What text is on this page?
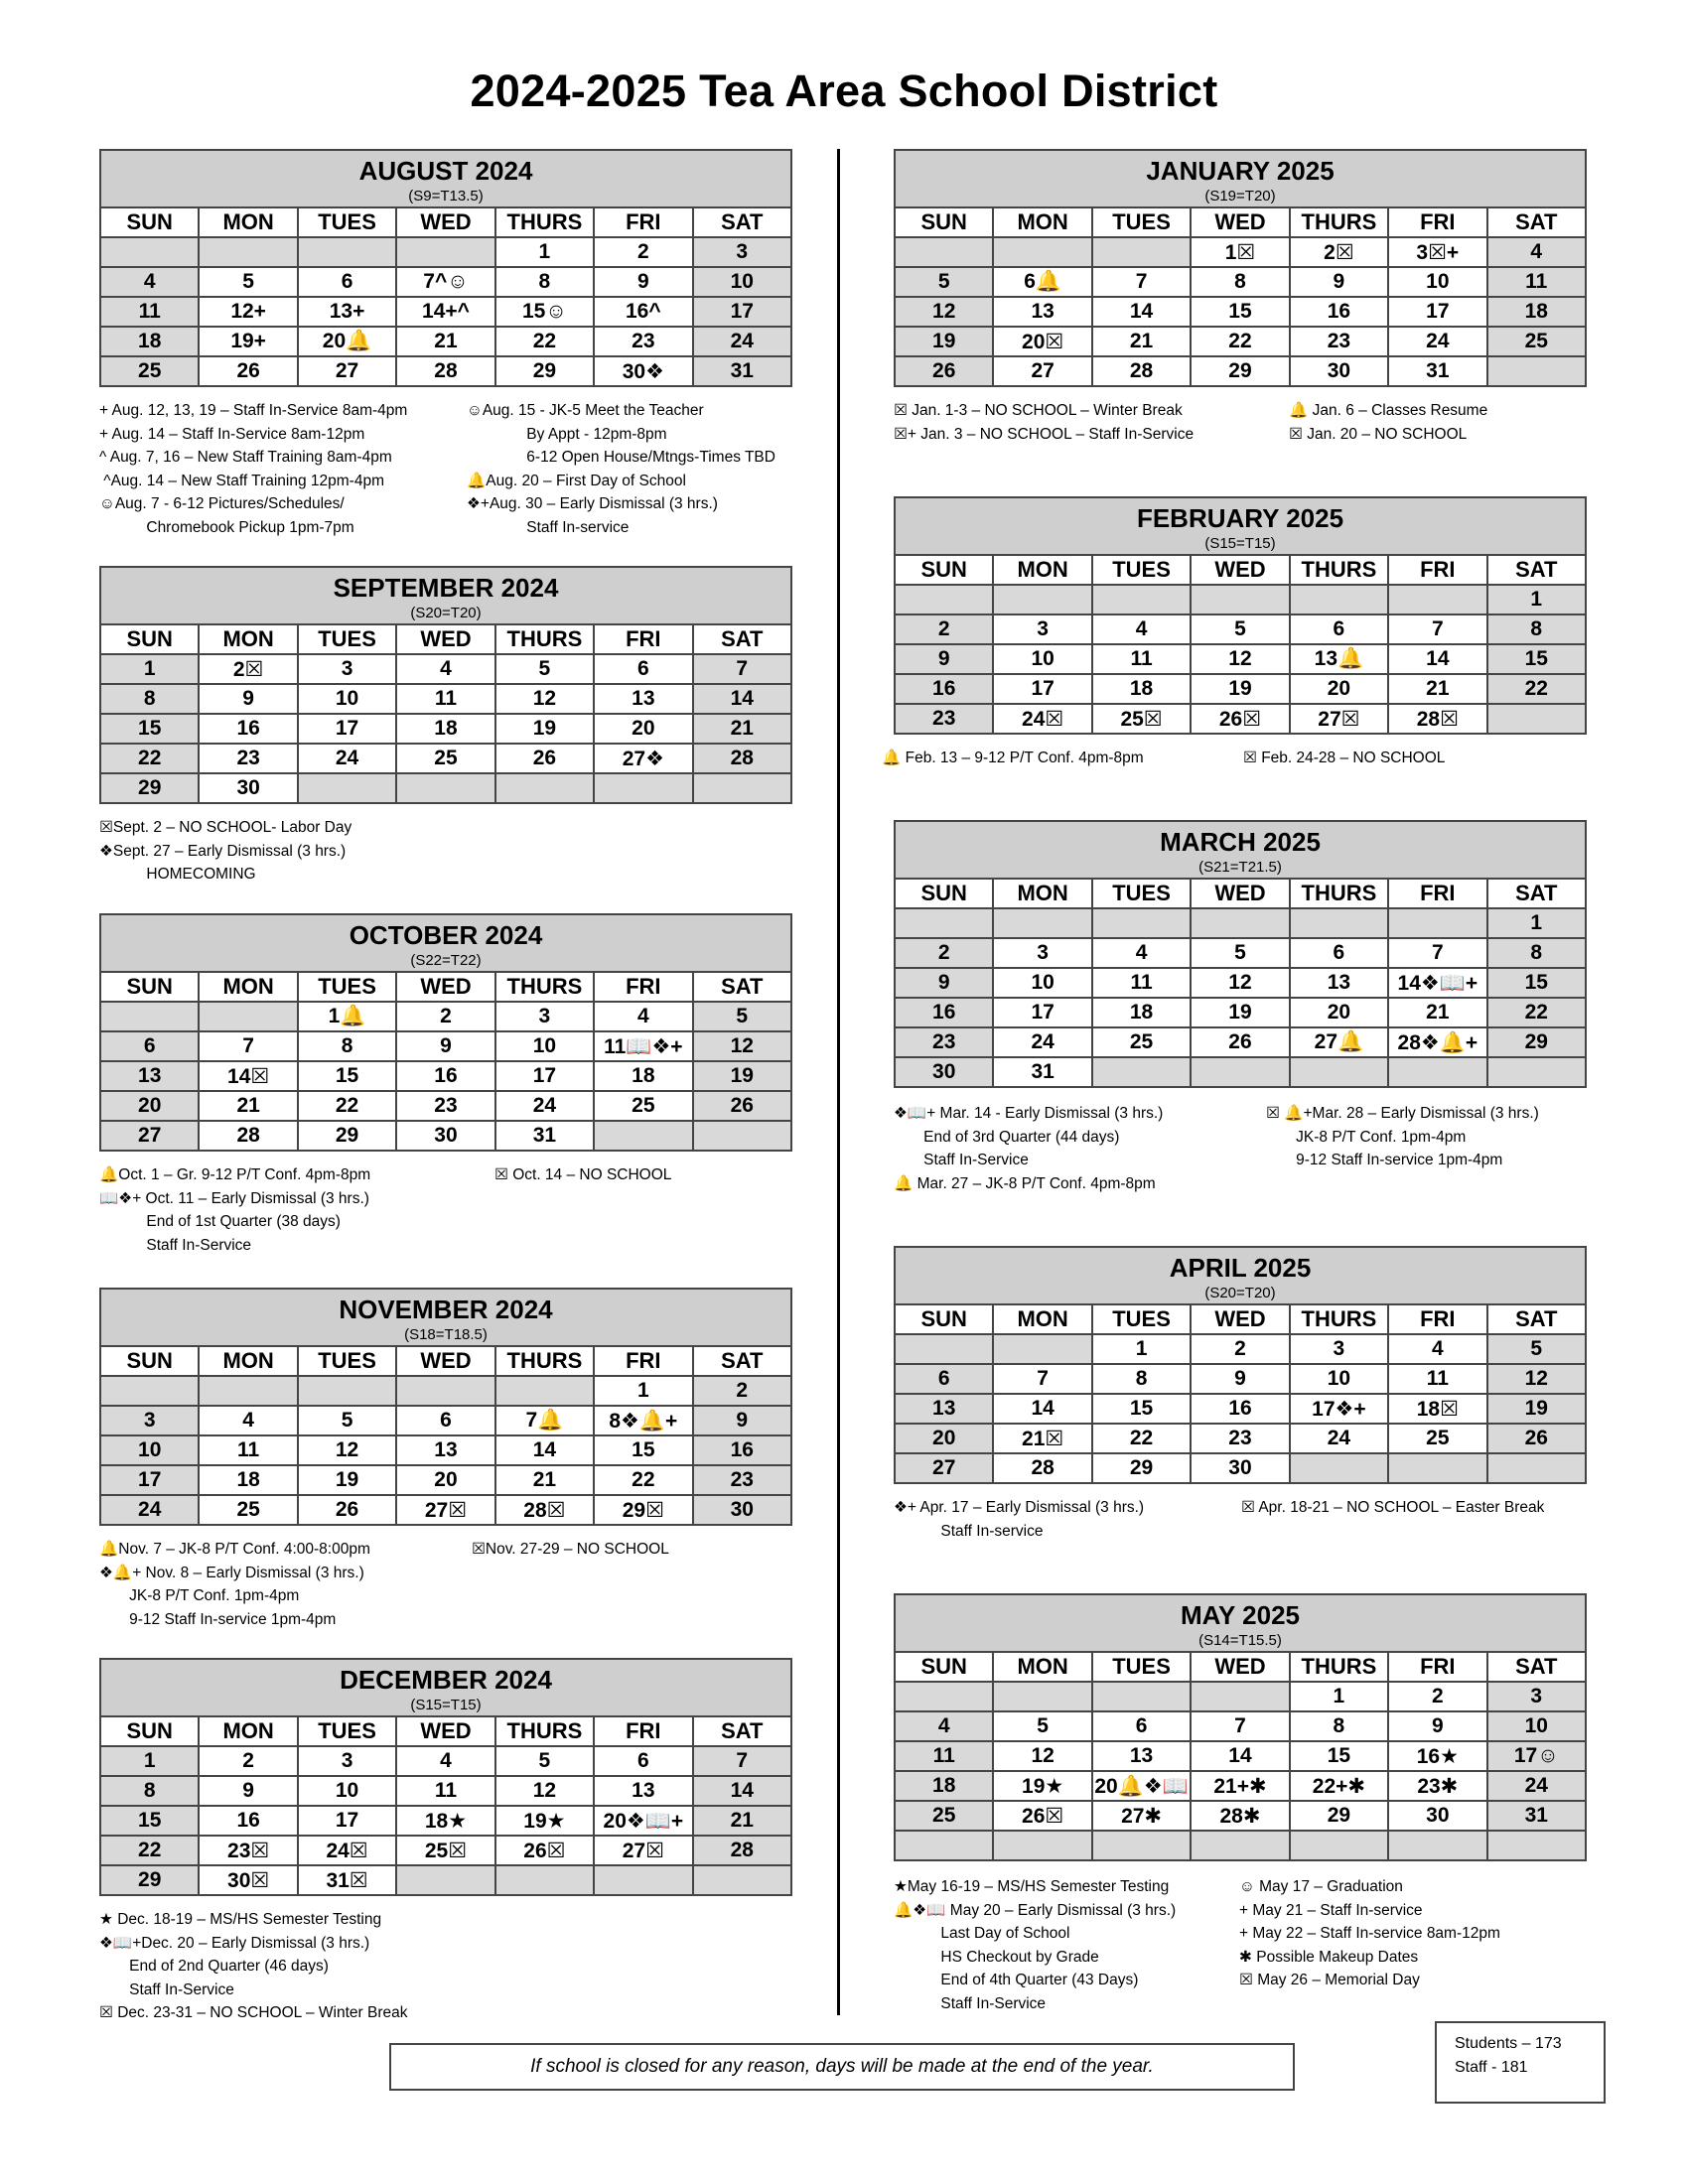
2024-2025 Tea Area School District
AUGUST 2024						
(S9=T13.5)						
SUN	MON	TUES	WED	THURS	FRI	SAT
				1	2	3
4	5	6	7^☺	8	9	10
11	12+	13+	14+^	15☺	16^	17
18	19+	20🔔	21	22	23	24
25	26	27	28	29	30❖	31
+ Aug. 12, 13, 19 – Staff In-Service 8am-4pm
+ Aug. 14 – Staff In-Service 8am-12pm
^ Aug. 7, 16 – New Staff Training 8am-4pm
^Aug. 14 – New Staff Training 12pm-4pm
☺Aug. 7 - 6-12 Pictures/Schedules/
Chromebook Pickup 1pm-7pm
☺Aug. 15 - JK-5 Meet the Teacher
By Appt - 12pm-8pm
6-12 Open House/Mtngs-Times TBD
🔔Aug. 20 – First Day of School
❖+Aug. 30 – Early Dismissal (3 hrs.)
Staff In-service
SEPTEMBER 2024						
(S20=T20)						
SUN	MON	TUES	WED	THURS	FRI	SAT
1	2☒	3	4	5	6	7
8	9	10	11	12	13	14
15	16	17	18	19	20	21
22	23	24	25	26	27❖	28
29	30					
☒Sept. 2 – NO SCHOOL- Labor Day
❖Sept. 27 – Early Dismissal (3 hrs.)
HOMECOMING
OCTOBER 2024						
(S22=T22)						
SUN	MON	TUES	WED	THURS	FRI	SAT
		1🔔	2	3	4	5
6	7	8	9	10	11📖❖+	12
13	14☒	15	16	17	18	19
20	21	22	23	24	25	26
27	28	29	30	31		
🔔Oct. 1 – Gr. 9-12 P/T Conf. 4pm-8pm
📖❖+ Oct. 11 – Early Dismissal (3 hrs.)
End of 1st Quarter (38 days)
Staff In-Service
☒ Oct. 14 – NO SCHOOL
NOVEMBER 2024						
(S18=T18.5)						
SUN	MON	TUES	WED	THURS	FRI	SAT
					1	2
3	4	5	6	7🔔	8❖🔔+	9
10	11	12	13	14	15	16
17	18	19	20	21	22	23
24	25	26	27☒	28☒	29☒	30
🔔Nov. 7 – JK-8 P/T Conf. 4:00-8:00pm
❖🔔+ Nov. 8 – Early Dismissal (3 hrs.)
JK-8 P/T Conf. 1pm-4pm
9-12 Staff In-service 1pm-4pm
☒Nov. 27-29 – NO SCHOOL
DECEMBER 2024						
(S15=T15)						
SUN	MON	TUES	WED	THURS	FRI	SAT
1	2	3	4	5	6	7
8	9	10	11	12	13	14
15	16	17	18★	19★	20❖📖+	21
22	23☒	24☒	25☒	26☒	27☒	28
29	30☒	31☒				
★ Dec. 18-19 – MS/HS Semester Testing
❖📖+Dec. 20 – Early Dismissal (3 hrs.)
End of 2nd Quarter (46 days)
Staff In-Service
☒ Dec. 23-31 – NO SCHOOL – Winter Break
JANUARY 2025						
(S19=T20)						
SUN	MON	TUES	WED	THURS	FRI	SAT
			1☒	2☒	3☒+	4
5	6🔔	7	8	9	10	11
12	13	14	15	16	17	18
19	20☒	21	22	23	24	25
26	27	28	29	30	31	
☒ Jan. 1-3 – NO SCHOOL – Winter Break
☒+ Jan. 3 – NO SCHOOL – Staff In-Service
🔔 Jan. 6 – Classes Resume
☒ Jan. 20 – NO SCHOOL
FEBRUARY 2025						
(S15=T15)						
SUN	MON	TUES	WED	THURS	FRI	SAT
						1
2	3	4	5	6	7	8
9	10	11	12	13🔔	14	15
16	17	18	19	20	21	22
23	24☒	25☒	26☒	27☒	28☒	
🔔 Feb. 13 – 9-12 P/T Conf. 4pm-8pm	☒ Feb. 24-28 – NO SCHOOL
MARCH 2025						
(S21=T21.5)						
SUN	MON	TUES	WED	THURS	FRI	SAT
						1
2	3	4	5	6	7	8
9	10	11	12	13	14❖📖+	15
16	17	18	19	20	21	22
23	24	25	26	27🔔	28❖🔔+	29
30	31					
❖📖+ Mar. 14 - Early Dismissal (3 hrs.)
End of 3rd Quarter (44 days)
Staff In-Service
🔔 Mar. 27 – JK-8 P/T Conf. 4pm-8pm
☒ 🔔+Mar. 28 – Early Dismissal (3 hrs.)
JK-8 P/T Conf. 1pm-4pm
9-12 Staff In-service 1pm-4pm
APRIL 2025						
(S20=T20)						
SUN	MON	TUES	WED	THURS	FRI	SAT
		1	2	3	4	5
6	7	8	9	10	11	12
13	14	15	16	17❖+	18☒	19
20	21☒	22	23	24	25	26
27	28	29	30			
❖+ Apr. 17 – Early Dismissal (3 hrs.)
Staff In-service
☒ Apr. 18-21 – NO SCHOOL – Easter Break
MAY 2025						
(S14=T15.5)						
SUN	MON	TUES	WED	THURS	FRI	SAT
				1	2	3
4	5	6	7	8	9	10
11	12	13	14	15	16★	17☺
18	19★	20🔔❖📖	21+✱	22+✱	23✱	24
25	26☒	27✱	28✱	29	30	31

★May 16-19 – MS/HS Semester Testing
🔔❖📖 May 20 – Early Dismissal (3 hrs.)
Last Day of School
HS Checkout by Grade
End of 4th Quarter (43 Days)
Staff In-Service
☺ May 17 – Graduation
+ May 21 – Staff In-service
+ May 22 – Staff In-service 8am-12pm
✱ Possible Makeup Dates
☒ May 26 – Memorial Day
If school is closed for any reason, days will be made at the end of the year.
Students – 173
Staff - 181
